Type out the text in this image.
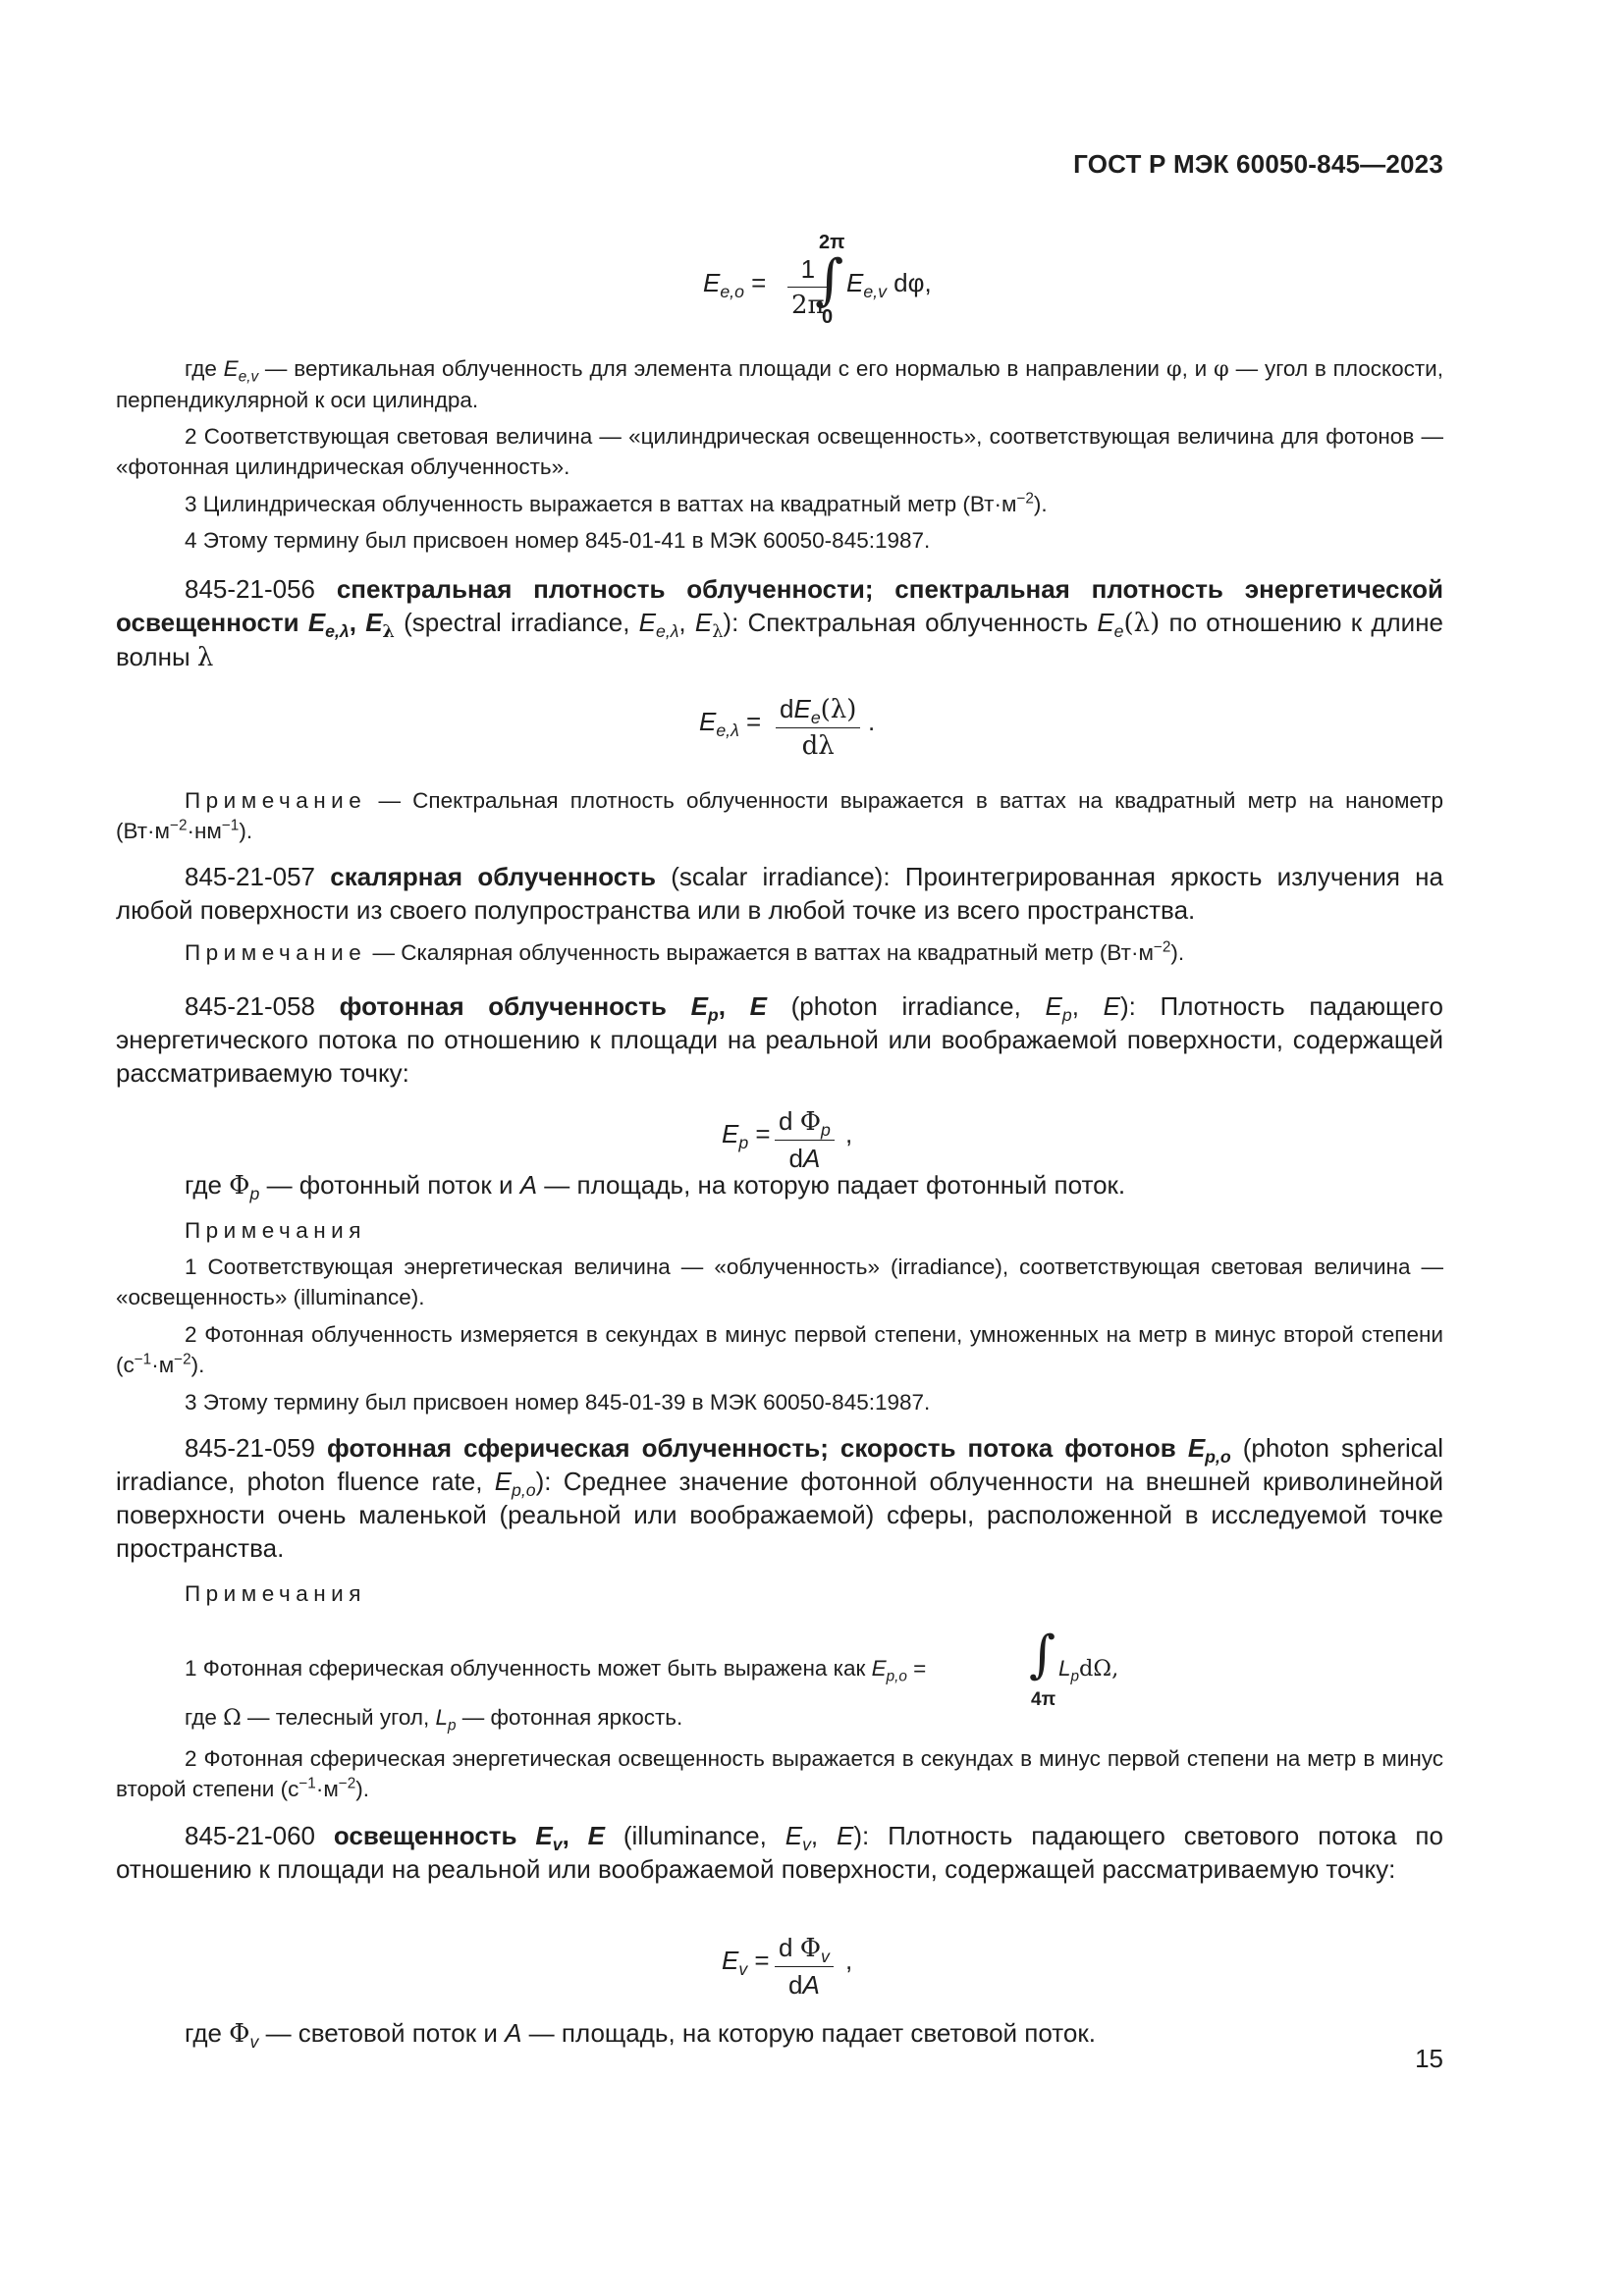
ГОСТ Р МЭК 60050-845—2023
$E_{e,o} = \frac{1}{2\pi}$
2π
∫
0
$E_{e,v}$ dφ,

где $E_{e,v}$ — вертикальная облученность для элемента площади с его нормалью в направлении φ, и φ — угол в плоскости, перпендикулярной к оси цилиндра.

2 Соответствующая световая величина — «цилиндрическая освещенность», соответствующая величина для фотонов — «фотонная цилиндрическая облученность».

3 Цилиндрическая облученность выражается в ваттах на квадратный метр $(Вт\cdot м^{-2})$.

4 Этому термину был присвоен номер 845-01-41 в МЭК 60050-845:1987.

845-21-056 спектральная плотность облученности; спектральная плотность энергетической освещенности $E_{e,\lambda}$, $E_\lambda$ (spectral irradiance, $E_{e,\lambda}$, $E_\lambda$): Спектральная облученность $E_e(\lambda)$ по отношению к длине волны λ

$E_{e,\lambda} = dE_e(\lambda)$
dλ
.

Примечание — Спектральная плотность облученности выражается в ваттах на квадратный метр на нанометр $(Вт\cdot м^{-2}\cdot нм^{-1})$.

845-21-057 скалярная облученность (scalar irradiance): Проинтегрированная яркость излучения на любой поверхности из своего полупространства или в любой точке из всего пространства.

Примечание — Скалярная облученность выражается в ваттах на квадратный метр $(Вт\cdot м^{-2})$.

845-21-058 фотонная облученность $E_p$, E (photon irradiance, $E_p$, E): Плотность падающего энергетического потока по отношению к площади на реальной или воображаемой поверхности, содержащей рассматриваемую точку:

$E_p = \frac{d \Phi_p}{dA}$ ,

где $\Phi_p$ — фотонный поток и A — площадь, на которую падает фотонный поток.

Примечания

1 Соответствующая энергетическая величина — «облученность» (irradiance), соответствующая световая величина — «освещенность» (illuminance).

2 Фотонная облученность измеряется в секундах в минус первой степени, умноженных на метр в минус второй степени $(с^{-1}\cdot м^{-2})$.

3 Этому термину был присвоен номер 845-01-39 в МЭК 60050-845:1987.

845-21-059 фотонная сферическая облученность; скорость потока фотонов $E_{p,o}$ (photon spherical irradiance, photon fluence rate, $E_{p,o}$): Среднее значение фотонной облученности на внешней криволинейной поверхности очень маленькой (реальной или воображаемой) сферы, расположенной в исследуемой точке пространства.

Примечания

1 Фотонная сферическая облученность может быть выражена как $E_{p,o}$ = ∫
4π
$L_pd\Omega$,

где Ω — телесный угол, $L_p$ — фотонная яркость.

2 Фотонная сферическая энергетическая освещенность выражается в секундах в минус первой степени на метр в минус второй степени $(с^{-1}\cdot м^{-2})$.

845-21-060 освещенность $E_v$, E (illuminance, $E_v$, E): Плотность падающего светового потока по отношению к площади на реальной или воображаемой поверхности, содержащей рассматриваемую точку:

$E_v = \frac{d \Phi_v}{dA}$ ,

где $\Phi_v$ — световой поток и A — площадь, на которую падает световой поток.

15
